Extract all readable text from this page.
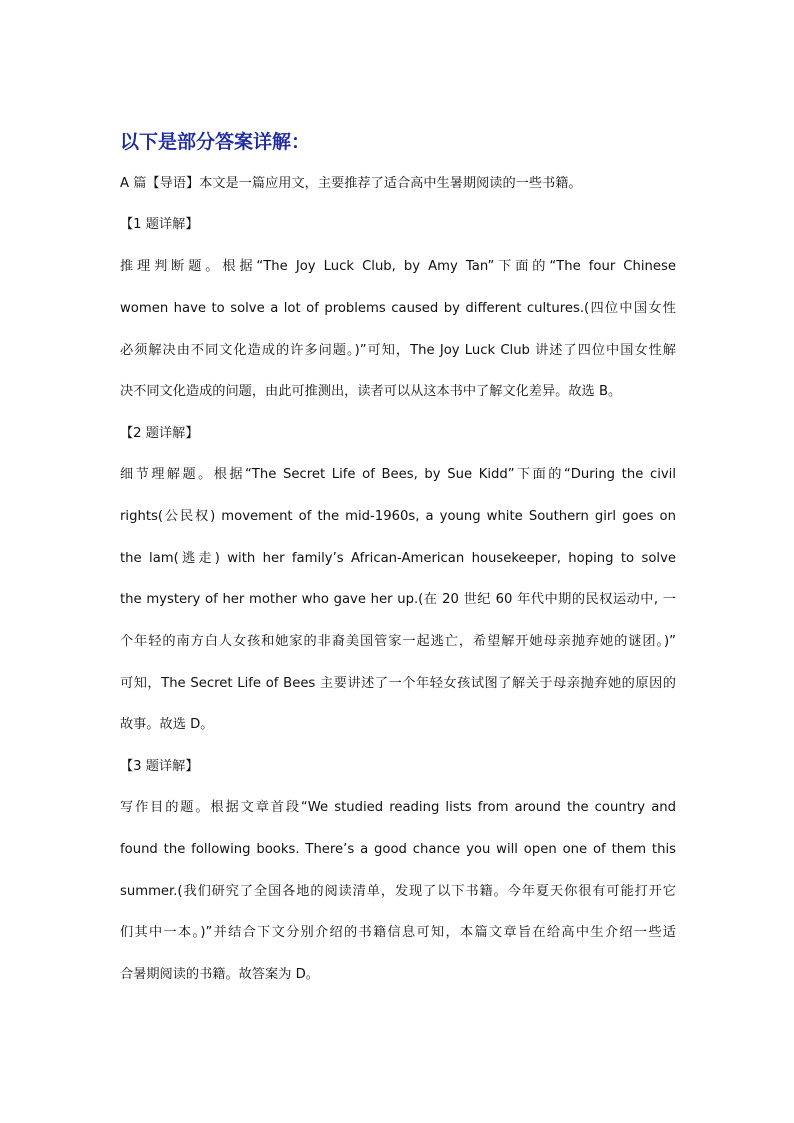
以下是部分答案详解：
A 篇【导语】本文是一篇应用文，主要推荐了适合高中生暑期阅读的一些书籍。
【1 题详解】
推理判断题。根据“The Joy Luck Club, by Amy Tan”下面的“The four Chinese
women have to solve a lot of problems caused by different cultures.(四位中国女性
必须解决由不同文化造成的许多问题。)”可知，The Joy Luck Club 讲述了四位中国女性解
决不同文化造成的问题，由此可推测出，读者可以从这本书中了解文化差异。故选 B。
【2 题详解】
细节理解题。根据“The Secret Life of Bees, by Sue Kidd”下面的“During the civil
rights(公民权) movement of the mid-1960s, a young white Southern girl goes on
the lam(逃走) with her family’s African-American housekeeper, hoping to solve
the mystery of her mother who gave her up.(在 20 世纪 60 年代中期的民权运动中, 一
个年轻的南方白人女孩和她家的非裔美国管家一起逃亡，希望解开她母亲抛弃她的谜团。)”
可知，The Secret Life of Bees 主要讲述了一个年轻女孩试图了解关于母亲抛弃她的原因的
故事。故选 D。
【3 题详解】
写作目的题。根据文章首段“We studied reading lists from around the country and
found the following books. There’s a good chance you will open one of them this
summer.(我们研究了全国各地的阅读清单，发现了以下书籍。今年夏天你很有可能打开它
们其中一本。)”并结合下文分别介绍的书籍信息可知，本篇文章旨在给高中生介绍一些适
合暑期阅读的书籍。故答案为 D。
